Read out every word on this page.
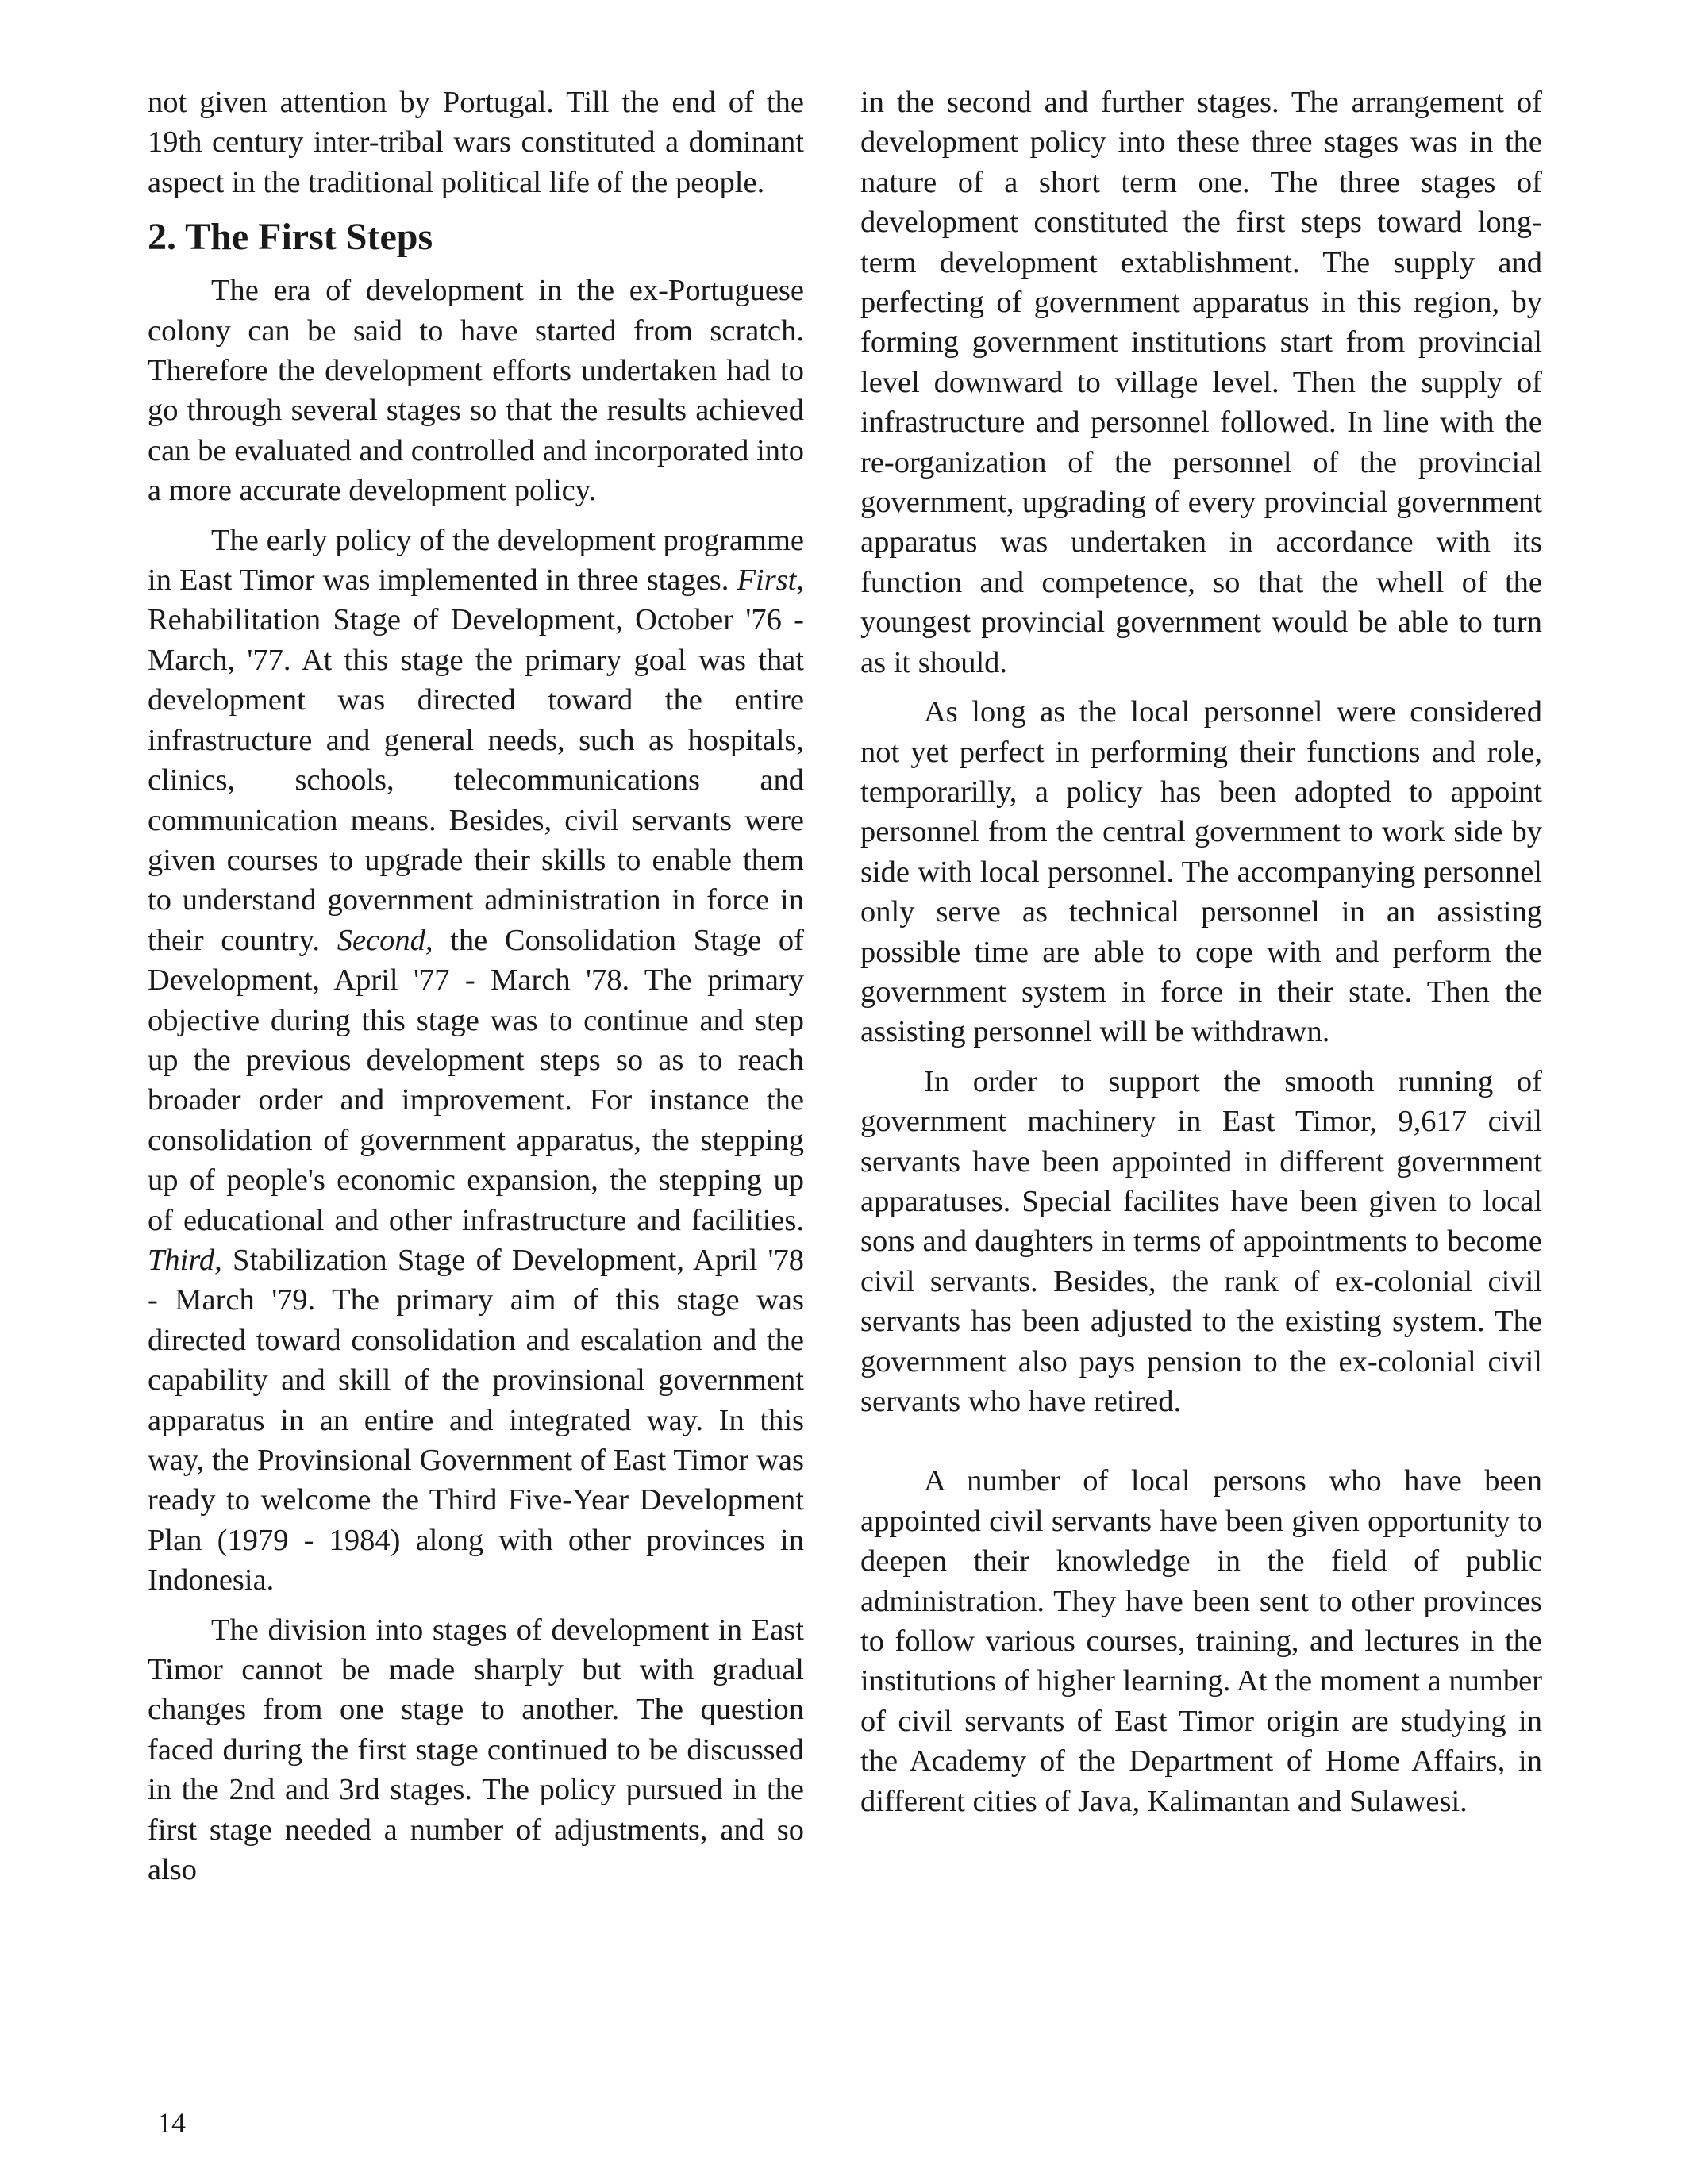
not given attention by Portugal. Till the end of the 19th century inter-tribal wars constituted a dominant aspect in the traditional political life of the people.

2. The First Steps

The era of development in the ex-Portuguese colony can be said to have started from scratch. Therefore the development efforts undertaken had to go through several stages so that the results achieved can be evaluated and controlled and incorporated into a more accurate development policy.

The early policy of the development programme in East Timor was implemented in three stages. First, Rehabilitation Stage of Development, October '76 - March, '77. At this stage the primary goal was that development was directed toward the entire infrastructure and general needs, such as hospitals, clinics, schools, telecommunications and communication means. Besides, civil servants were given courses to upgrade their skills to enable them to understand government administration in force in their country. Second, the Consolidation Stage of Development, April '77 - March '78. The primary objective during this stage was to continue and step up the previous development steps so as to reach broader order and improvement. For instance the consolidation of government apparatus, the stepping up of people's economic expansion, the stepping up of educational and other infrastructure and facilities. Third, Stabilization Stage of Development, April '78 - March '79. The primary aim of this stage was directed toward consolidation and escalation and the capability and skill of the provinsional government apparatus in an entire and integrated way. In this way, the Provinsional Government of East Timor was ready to welcome the Third Five-Year Development Plan (1979 - 1984) along with other provinces in Indonesia.

The division into stages of development in East Timor cannot be made sharply but with gradual changes from one stage to another. The question faced during the first stage continued to be discussed in the 2nd and 3rd stages. The policy pursued in the first stage needed a number of adjustments, and so also

in the second and further stages. The arrangement of development policy into these three stages was in the nature of a short term one. The three stages of development constituted the first steps toward long-term development extablishment. The supply and perfecting of government apparatus in this region, by forming government institutions start from provincial level downward to village level. Then the supply of infrastructure and personnel followed. In line with the re-organization of the personnel of the provincial government, upgrading of every provincial government apparatus was undertaken in accordance with its function and competence, so that the whell of the youngest provincial government would be able to turn as it should.

As long as the local personnel were considered not yet perfect in performing their functions and role, temporarilly, a policy has been adopted to appoint personnel from the central government to work side by side with local personnel. The accompanying personnel only serve as technical personnel in an assisting possible time are able to cope with and perform the government system in force in their state. Then the assisting personnel will be withdrawn.

In order to support the smooth running of government machinery in East Timor, 9,617 civil servants have been appointed in different government apparatuses. Special facilites have been given to local sons and daughters in terms of appointments to become civil servants. Besides, the rank of ex-colonial civil servants has been adjusted to the existing system. The government also pays pension to the ex-colonial civil servants who have retired.

A number of local persons who have been appointed civil servants have been given opportunity to deepen their knowledge in the field of public administration. They have been sent to other provinces to follow various courses, training, and lectures in the institutions of higher learning. At the moment a number of civil servants of East Timor origin are studying in the Academy of the Department of Home Affairs, in different cities of Java, Kalimantan and Sulawesi.

14
